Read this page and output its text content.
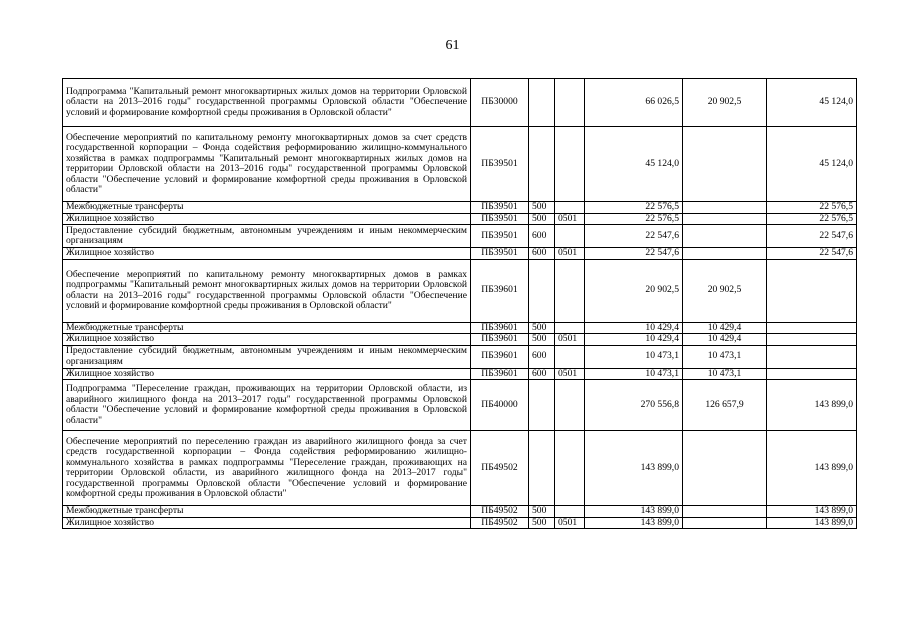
61
Подпрограмма "Капитальный ремонт многоквартирных жилых домов на территории Орловской области на 2013–2016 годы" государственной программы Орловской области "Обеспечение условий и формирование комфортной среды проживания в Орловской области"	ПБ30000			66 026,5	20 902,5	45 124,0
Обеспечение мероприятий по капитальному ремонту многоквартирных домов за счет средств государственной корпорации – Фонда содействия реформированию жилищно-коммунального хозяйства в рамках подпрограммы "Капитальный ремонт многоквартирных жилых домов на территории Орловской области на 2013–2016 годы" государственной программы Орловской области "Обеспечение условий и формирование комфортной среды проживания в Орловской области"	ПБ39501			45 124,0		45 124,0
Межбюджетные трансферты	ПБ39501	500		22 576,5		22 576,5
Жилищное хозяйство	ПБ39501	500	0501	22 576,5		22 576,5
Предоставление субсидий бюджетным, автономным учреждениям и иным некоммерческим организациям	ПБ39501	600		22 547,6		22 547,6
Жилищное хозяйство	ПБ39501	600	0501	22 547,6		22 547,6
Обеспечение мероприятий по капитальному ремонту многоквартирных домов в рамках подпрограммы "Капитальный ремонт многоквартирных жилых домов на территории Орловской области на 2013–2016 годы" государственной программы Орловской области "Обеспечение условий и формирование комфортной среды проживания в Орловской области"	ПБ39601			20 902,5	20 902,5	
Межбюджетные трансферты	ПБ39601	500		10 429,4	10 429,4	
Жилищное хозяйство	ПБ39601	500	0501	10 429,4	10 429,4	
Предоставление субсидий бюджетным, автономным учреждениям и иным некоммерческим организациям	ПБ39601	600		10 473,1	10 473,1	
Жилищное хозяйство	ПБ39601	600	0501	10 473,1	10 473,1	
Подпрограмма "Переселение граждан, проживающих на территории Орловской области, из аварийного жилищного фонда на 2013–2017 годы" государственной программы Орловской области "Обеспечение условий и формирование комфортной среды проживания в Орловской области"	ПБ40000			270 556,8	126 657,9	143 899,0
Обеспечение мероприятий по переселению граждан из аварийного жилищного фонда за счет средств государственной корпорации – Фонда содействия реформированию жилищно-коммунального хозяйства в рамках подпрограммы "Переселение граждан, проживающих на территории Орловской области, из аварийного жилищного фонда на 2013–2017 годы" государственной программы Орловской области "Обеспечение условий и формирование комфортной среды проживания в Орловской области"	ПБ49502			143 899,0		143 899,0
Межбюджетные трансферты	ПБ49502	500		143 899,0		143 899,0
Жилищное хозяйство	ПБ49502	500	0501	143 899,0		143 899,0
